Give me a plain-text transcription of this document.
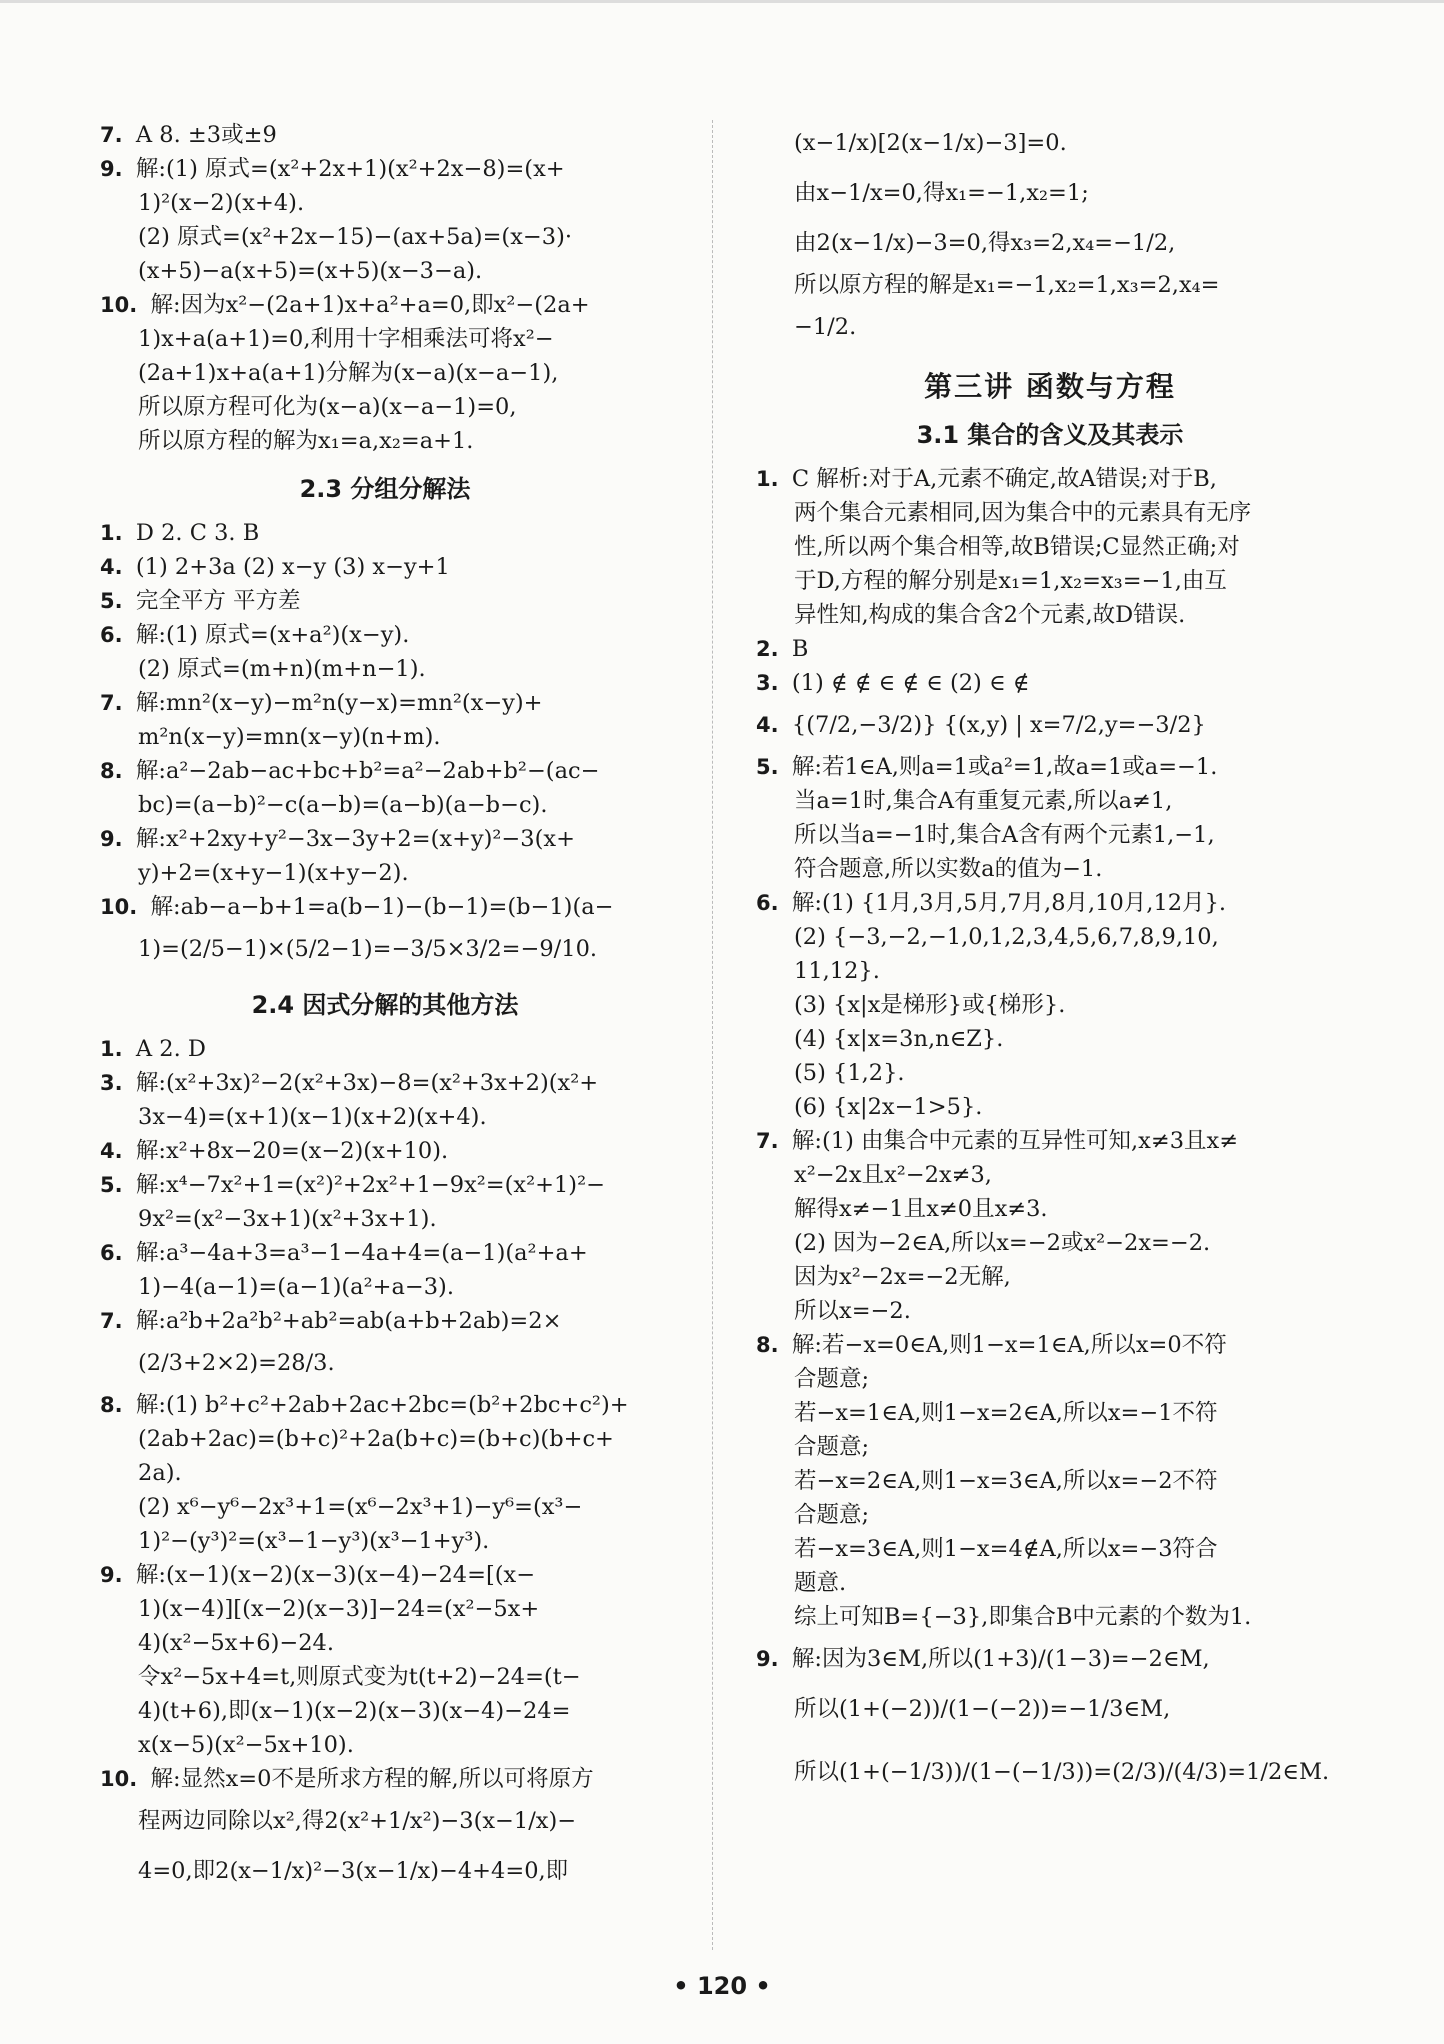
7. A 8. ±3或±9
9. 解:(1) 原式=(x²+2x+1)(x²+2x−8)=(x+
1)²(x−2)(x+4).
(2) 原式=(x²+2x−15)−(ax+5a)=(x−3)·
(x+5)−a(x+5)=(x+5)(x−3−a).
10. 解:因为x²−(2a+1)x+a²+a=0,即x²−(2a+
1)x+a(a+1)=0,利用十字相乘法可将x²−
(2a+1)x+a(a+1)分解为(x−a)(x−a−1),
所以原方程可化为(x−a)(x−a−1)=0,
所以原方程的解为x₁=a,x₂=a+1.
2.3 分组分解法
1. D 2. C 3. B
4. (1) 2+3a (2) x−y (3) x−y+1
5. 完全平方 平方差
6. 解:(1) 原式=(x+a²)(x−y).
(2) 原式=(m+n)(m+n−1).
7. 解:mn²(x−y)−m²n(y−x)=mn²(x−y)+
m²n(x−y)=mn(x−y)(n+m).
8. 解:a²−2ab−ac+bc+b²=a²−2ab+b²−(ac−
bc)=(a−b)²−c(a−b)=(a−b)(a−b−c).
9. 解:x²+2xy+y²−3x−3y+2=(x+y)²−3(x+
y)+2=(x+y−1)(x+y−2).
10. 解:ab−a−b+1=a(b−1)−(b−1)=(b−1)(a−
1)=(2/5−1)×(5/2−1)=−3/5×3/2=−9/10.
2.4 因式分解的其他方法
1. A 2. D
3. 解:(x²+3x)²−2(x²+3x)−8=(x²+3x+2)(x²+
3x−4)=(x+1)(x−1)(x+2)(x+4).
4. 解:x²+8x−20=(x−2)(x+10).
5. 解:x⁴−7x²+1=(x²)²+2x²+1−9x²=(x²+1)²−
9x²=(x²−3x+1)(x²+3x+1).
6. 解:a³−4a+3=a³−1−4a+4=(a−1)(a²+a+
1)−4(a−1)=(a−1)(a²+a−3).
7. 解:a²b+2a²b²+ab²=ab(a+b+2ab)=2×
(2/3+2×2)=28/3.
8. 解:(1) b²+c²+2ab+2ac+2bc=(b²+2bc+c²)+
(2ab+2ac)=(b+c)²+2a(b+c)=(b+c)(b+c+
2a).
(2) x⁶−y⁶−2x³+1=(x⁶−2x³+1)−y⁶=(x³−
1)²−(y³)²=(x³−1−y³)(x³−1+y³).
9. 解:(x−1)(x−2)(x−3)(x−4)−24=[(x−
1)(x−4)][(x−2)(x−3)]−24=(x²−5x+
4)(x²−5x+6)−24.
令x²−5x+4=t,则原式变为t(t+2)−24=(t−
4)(t+6),即(x−1)(x−2)(x−3)(x−4)−24=
x(x−5)(x²−5x+10).
10. 解:显然x=0不是所求方程的解,所以可将原方
程两边同除以x²,得2(x²+1/x²)−3(x−1/x)−
4=0,即2(x−1/x)²−3(x−1/x)−4+4=0,即
(x−1/x)[2(x−1/x)−3]=0.
由x−1/x=0,得x₁=−1,x₂=1;
由2(x−1/x)−3=0,得x₃=2,x₄=−1/2,
所以原方程的解是x₁=−1,x₂=1,x₃=2,x₄=
−1/2.
第三讲 函数与方程
3.1 集合的含义及其表示
1. C 解析:对于A,元素不确定,故A错误;对于B,
两个集合元素相同,因为集合中的元素具有无序
性,所以两个集合相等,故B错误;C显然正确;对
于D,方程的解分别是x₁=1,x₂=x₃=−1,由互
异性知,构成的集合含2个元素,故D错误.
2. B
3. (1) ∉ ∉ ∈ ∉ ∈ (2) ∈ ∉
4. {(7/2,−3/2)} {(x,y) | x=7/2,y=−3/2}
5. 解:若1∈A,则a=1或a²=1,故a=1或a=−1.
当a=1时,集合A有重复元素,所以a≠1,
所以当a=−1时,集合A含有两个元素1,−1,
符合题意,所以实数a的值为−1.
6. 解:(1) {1月,3月,5月,7月,8月,10月,12月}.
(2) {−3,−2,−1,0,1,2,3,4,5,6,7,8,9,10,
11,12}.
(3) {x|x是梯形}或{梯形}.
(4) {x|x=3n,n∈Z}.
(5) {1,2}.
(6) {x|2x−1>5}.
7. 解:(1) 由集合中元素的互异性可知,x≠3且x≠
x²−2x且x²−2x≠3,
解得x≠−1且x≠0且x≠3.
(2) 因为−2∈A,所以x=−2或x²−2x=−2.
因为x²−2x=−2无解,
所以x=−2.
8. 解:若−x=0∈A,则1−x=1∈A,所以x=0不符
合题意;
若−x=1∈A,则1−x=2∈A,所以x=−1不符
合题意;
若−x=2∈A,则1−x=3∈A,所以x=−2不符
合题意;
若−x=3∈A,则1−x=4∉A,所以x=−3符合
题意.
综上可知B={−3},即集合B中元素的个数为1.
9. 解:因为3∈M,所以(1+3)/(1−3)=−2∈M,
所以(1+(−2))/(1−(−2))=−1/3∈M,
所以(1+(−1/3))/(1−(−1/3))=(2/3)/(4/3)=1/2∈M.
• 120 •
